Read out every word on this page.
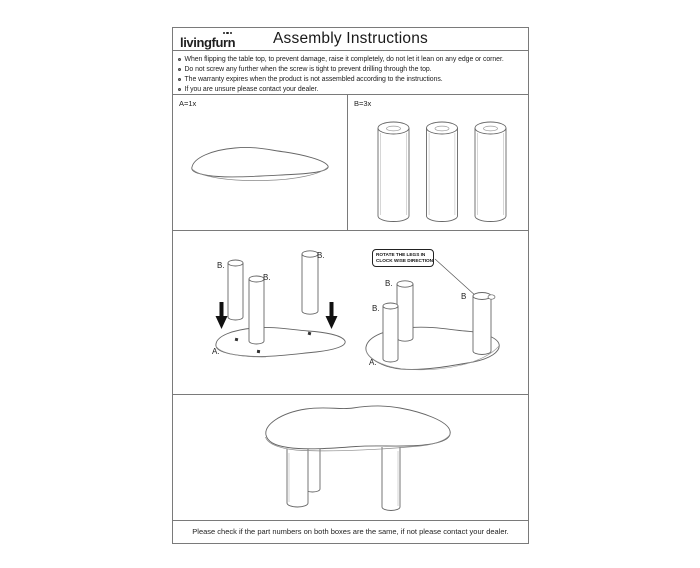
livingfurn	Assembly Instructions
When flipping the table top, to prevent damage, raise it completely, do not let it lean on any edge or corner.
Do not screw any further when the screw is tight to prevent drilling through the top.
The warranty expires when the product is not assembled according to the instructions.
If you are unsure please contact your dealer.
A=1x	B=3x
B.
B.
B.
A.
B.
B.
B
A.
ROTATE THE LEGS IN
CLOCK WISE DIRECTION
Please check if the part numbers on both boxes are the same, if not please contact your dealer.
